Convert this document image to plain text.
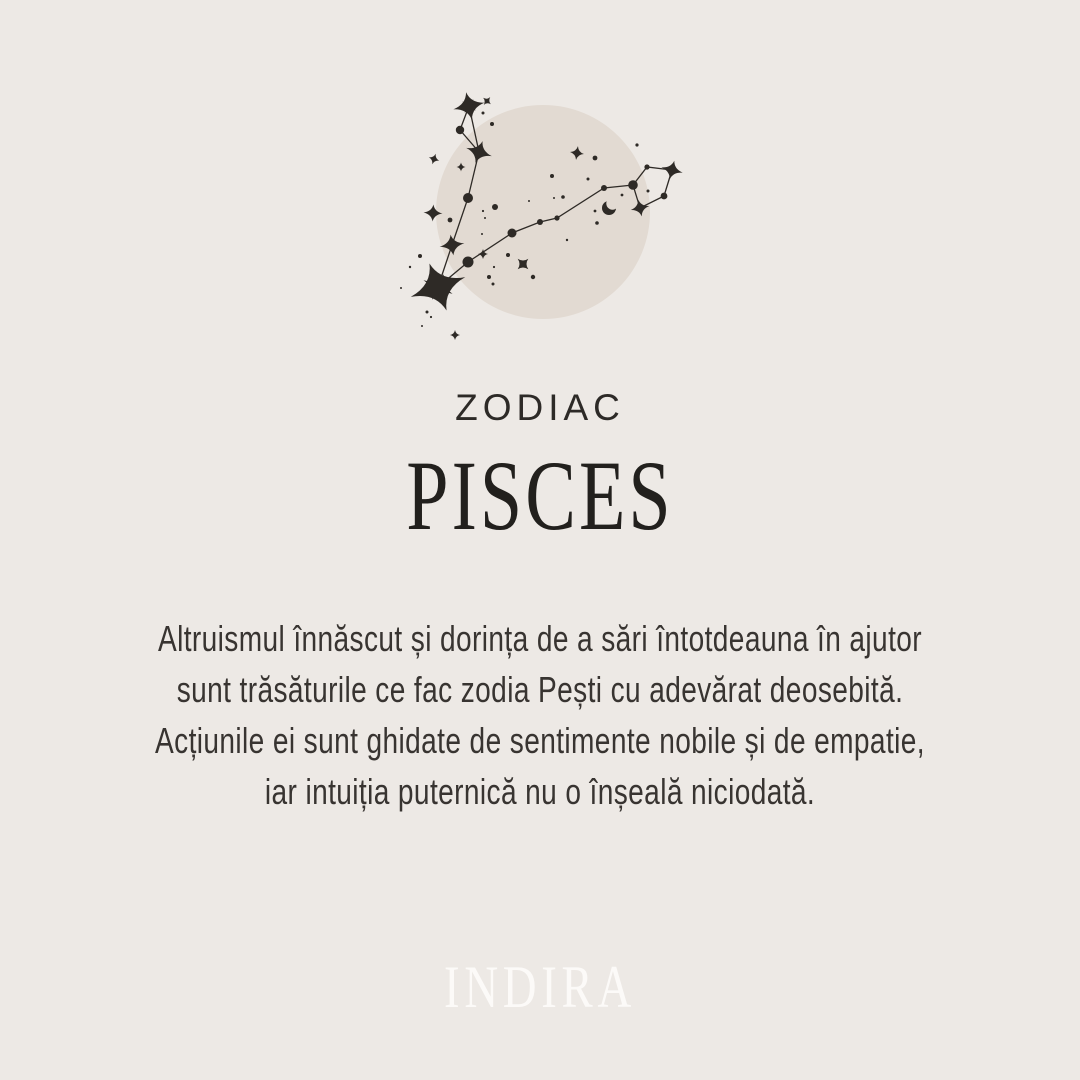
ZODIAC
PISCES
Altruismul înnăscut și dorința de a sări întotdeauna în ajutor
sunt trăsăturile ce fac zodia Pești cu adevărat deosebită.
Acțiunile ei sunt ghidate de sentimente nobile și de empatie,
iar intuiția puternică nu o înșeală niciodată.
INDIRA
